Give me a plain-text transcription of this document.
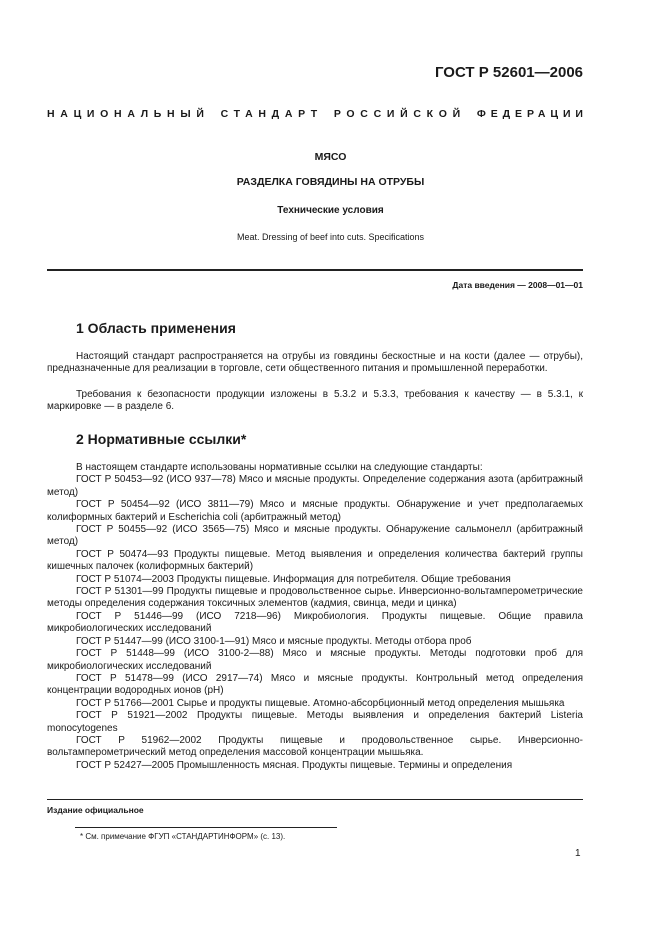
ГОСТ Р 52601—2006
НАЦИОНАЛЬНЫЙ СТАНДАРТ РОССИЙСКОЙ ФЕДЕРАЦИИ
МЯСО
РАЗДЕЛКА ГОВЯДИНЫ НА ОТРУБЫ
Технические условия
Meat. Dressing of beef into cuts. Specifications
Дата введения — 2008—01—01
1 Область применения
Настоящий стандарт распространяется на отрубы из говядины бескостные и на кости (далее — отрубы), предназначенные для реализации в торговле, сети общественного питания и промышленной переработки.
Требования к безопасности продукции изложены в 5.3.2 и 5.3.3, требования к качеству — в 5.3.1, к маркировке — в разделе 6.
2 Нормативные ссылки*
В настоящем стандарте использованы нормативные ссылки на следующие стандарты:
ГОСТ Р 50453—92 (ИСО 937—78) Мясо и мясные продукты. Определение содержания азота (арбитражный метод)
ГОСТ Р 50454—92 (ИСО 3811—79) Мясо и мясные продукты. Обнаружение и учет предполагаемых колиформных бактерий и Escherichia coli (арбитражный метод)
ГОСТ Р 50455—92 (ИСО 3565—75) Мясо и мясные продукты. Обнаружение сальмонелл (арбитражный метод)
ГОСТ Р 50474—93 Продукты пищевые. Метод выявления и определения количества бактерий группы кишечных палочек (колиформных бактерий)
ГОСТ Р 51074—2003 Продукты пищевые. Информация для потребителя. Общие требования
ГОСТ Р 51301—99 Продукты пищевые и продовольственное сырье. Инверсионно-вольтамперометрические методы определения содержания токсичных элементов (кадмия, свинца, меди и цинка)
ГОСТ Р 51446—99 (ИСО 7218—96) Микробиология. Продукты пищевые. Общие правила микробиологических исследований
ГОСТ Р 51447—99 (ИСО 3100-1—91) Мясо и мясные продукты. Методы отбора проб
ГОСТ Р 51448—99 (ИСО 3100-2—88) Мясо и мясные продукты. Методы подготовки проб для микробиологических исследований
ГОСТ Р 51478—99 (ИСО 2917—74) Мясо и мясные продукты. Контрольный метод определения концентрации водородных ионов (pH)
ГОСТ Р 51766—2001 Сырье и продукты пищевые. Атомно-абсорбционный метод определения мышьяка
ГОСТ Р 51921—2002 Продукты пищевые. Методы выявления и определения бактерий Listeria monocytogenes
ГОСТ Р 51962—2002 Продукты пищевые и продовольственное сырье. Инверсионно-вольтамперометрический метод определения массовой концентрации мышьяка.
ГОСТ Р 52427—2005 Промышленность мясная. Продукты пищевые. Термины и определения
Издание официальное
* См. примечание ФГУП «СТАНДАРТИНФОРМ» (с. 13).
1
